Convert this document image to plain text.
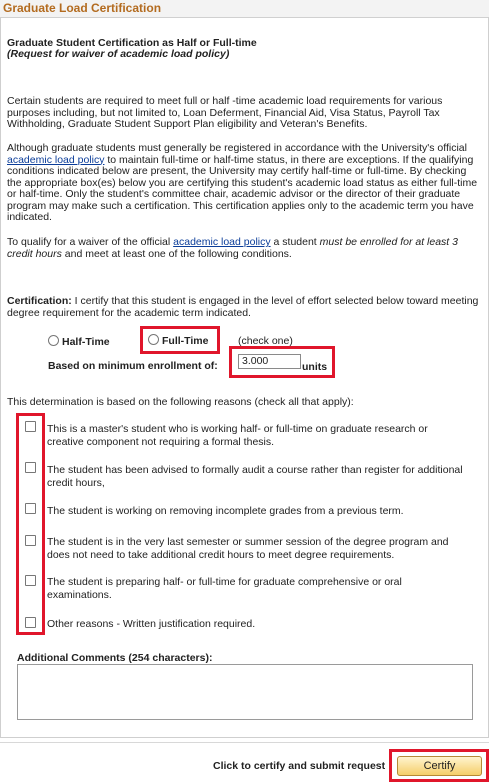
Graduate Load Certification
Graduate Student Certification as Half or Full-time
(Request for waiver of academic load policy)
Certain students are required to meet full or half -time academic load requirements for various purposes including, but not limited to, Loan Deferment, Financial Aid, Visa Status, Payroll Tax Withholding, Graduate Student Support Plan eligibility and Veteran's Benefits.
Although graduate students must generally be registered in accordance with the University's official academic load policy to maintain full-time or half-time status, in there are exceptions. If the qualifying conditions indicated below are present, the University may certify half-time or full-time. By checking the appropriate box(es) below you are certifying this student's academic load status as either full-time or half-time. Only the student's committee chair, academic advisor or the director of their graduate program may make such a certification. This certification applies only to the academic term you have indicated.
To qualify for a waiver of the official academic load policy a student must be enrolled for at least 3 credit hours and meet at least one of the following conditions.
Certification: I certify that this student is engaged in the level of effort selected below toward meeting degree requirement for the academic term indicated.
Half-Time	Full-Time	(check one)
Based on minimum enrollment of:	3.000	units
This determination is based on the following reasons (check all that apply):
This is a master's student who is working half- or full-time on graduate research or creative component not requiring a formal thesis.
The student has been advised to formally audit a course rather than register for additional credit hours,
The student is working on removing incomplete grades from a previous term.
The student is in the very last semester or summer session of the degree program and does not need to take additional credit hours to meet degree requirements.
The student is preparing half- or full-time for graduate comprehensive or oral examinations.
Other reasons - Written justification required.
Additional Comments (254 characters):
Click to certify and submit request	Certify
